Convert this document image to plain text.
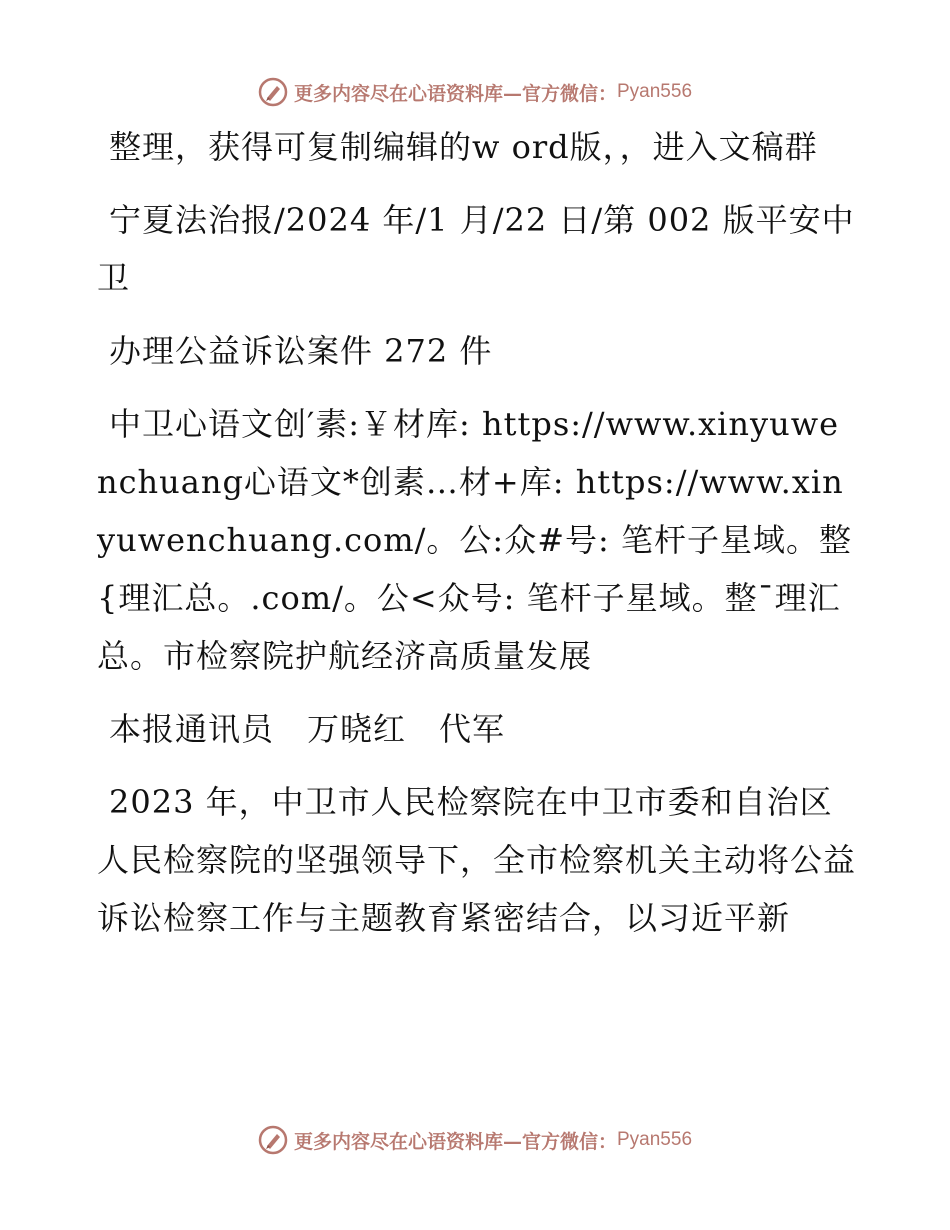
更多内容尽在心语资料库—官方微信： Pyan556

整理，获得可复制编辑的w ord版，，进入文稿群

宁夏法治报/2024 年/1 月/22 日/第 002 版平安中卫

办理公益诉讼案件 272 件

中卫心语文创′素:￥材库: https://www.xinyuwenchuang心语文*创素…材+库: https://www.xinyuwenchuang.com/。公:众#号: 笔杆子星域。整{理汇总。.com/。公<众号: 笔杆子星域。整¯理汇总。市检察院护航经济高质量发展

本报通讯员　万晓红　代军

2023 年，中卫市人民检察院在中卫市委和自治区人民检察院的坚强领导下，全市检察机关主动将公益诉讼检察工作与主题教育紧密结合，以习近平新

更多内容尽在心语资料库—官方微信： Pyan556
